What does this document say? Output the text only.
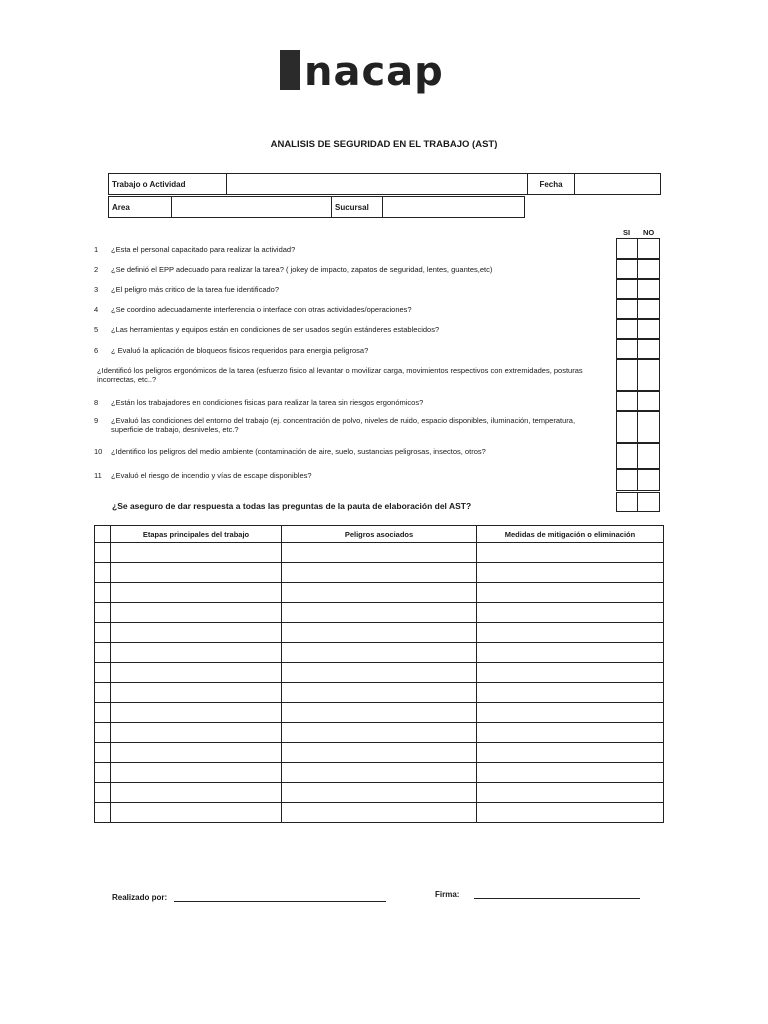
nacap
ANALISIS DE SEGURIDAD EN EL TRABAJO (AST)
Trabajo o Actividad		Fecha	
Area		Sucursal	
SI NO
1	¿Esta el personal capacitado para realizar la actividad?
2	¿Se definió el EPP adecuado para realizar la tarea? ( jokey de impacto, zapatos de seguridad, lentes, guantes,etc)
3	¿El peligro más critico de la tarea fue identificado?
4	¿Se coordino adecuadamente interferencia o interface con otras actividades/operaciones?
5	¿Las herramientas y equipos están en condiciones de ser usados según estánderes establecidos?
6	¿ Evaluó la aplicación de bloqueos fisicos requeridos para energia peligrosa?
¿Identificó los peligros ergonómicos de la tarea (esfuerzo fisico al levantar o movilizar carga, movimientos respectivos con extremidades, posturas incorrectas, etc..?
8	¿Están los trabajadores en condiciones fisicas para realizar la tarea sin riesgos ergonómicos?
9	¿Evaluó las condiciones del entorno del trabajo (ej. concentración de polvo, niveles de ruido, espacio disponibles, iluminación, temperatura, superficie de trabajo, desniveles, etc.?
10	¿Identifico los peligros del medio ambiente (contaminación de aire, suelo, sustancias peligrosas, insectos, otros?
11	¿Evaluó el riesgo de incendio y vías de escape disponibles?
¿Se aseguro de dar respuesta a todas las preguntas de la pauta de elaboración del AST?
	Etapas principales del trabajo	Peligros asociados	Medidas de mitigación o eliminación

Realizado por:	Firma:
